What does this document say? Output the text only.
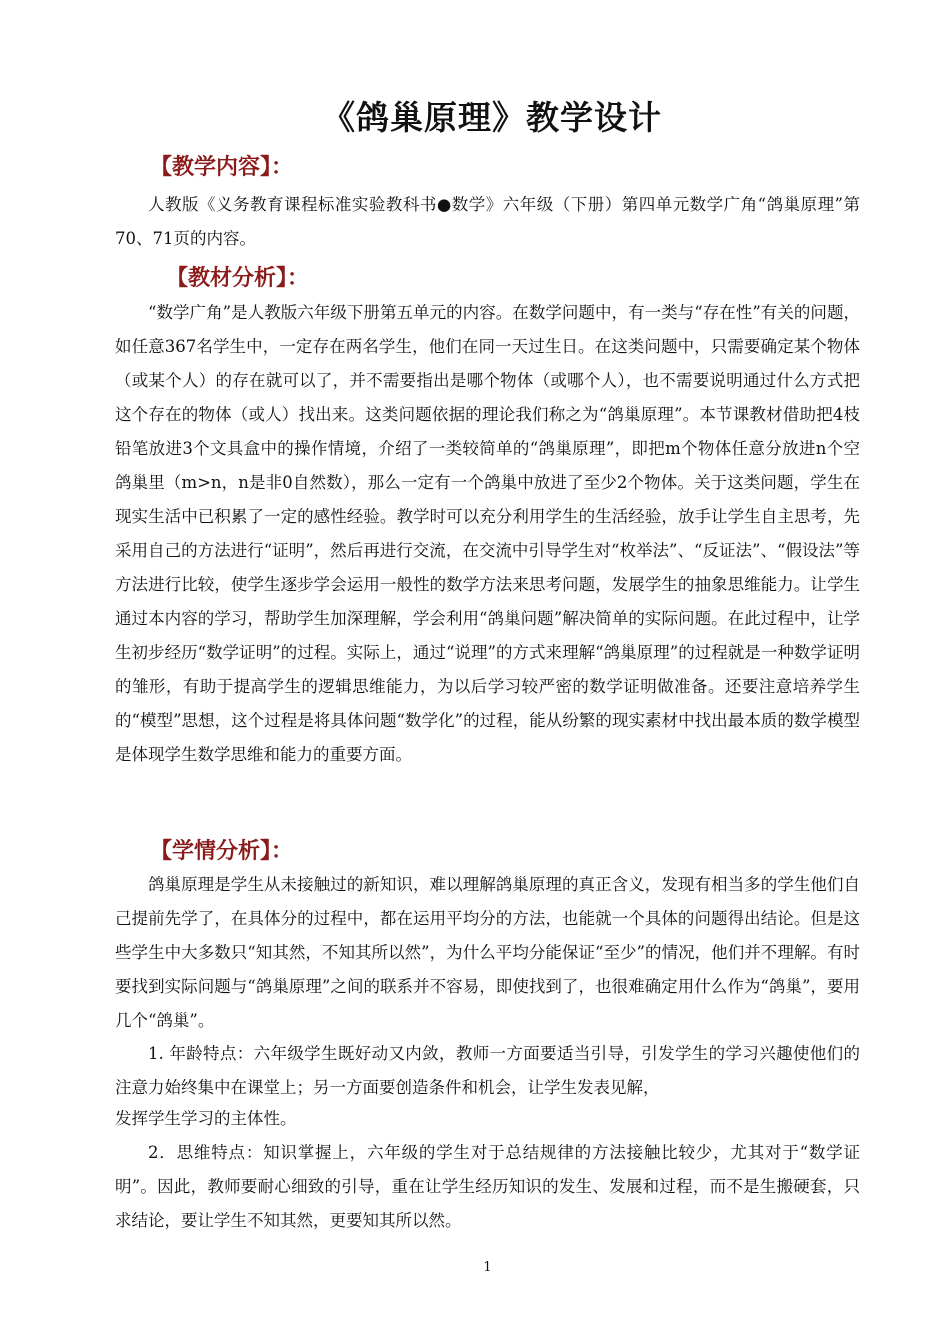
《鸽巢原理》教学设计
【教学内容】：

人教版《义务教育课程标准实验教科书●数学》六年级（下册）第四单元数学广角“鸽巢原理”第70、71页的内容。

【教材分析】：

“数学广角”是人教版六年级下册第五单元的内容。在数学问题中，有一类与“存在性”有关的问题，如任意367名学生中，一定存在两名学生，他们在同一天过生日。在这类问题中，只需要确定某个物体（或某个人）的存在就可以了，并不需要指出是哪个物体（或哪个人），也不需要说明通过什么方式把这个存在的物体（或人）找出来。这类问题依据的理论我们称之为“鸽巢原理”。本节课教材借助把4枝铅笔放进3个文具盒中的操作情境，介绍了一类较简单的“鸽巢原理”，即把m个物体任意分放进n个空鸽巢里（m>n，n是非0自然数），那么一定有一个鸽巢中放进了至少2个物体。关于这类问题，学生在现实生活中已积累了一定的感性经验。教学时可以充分利用学生的生活经验，放手让学生自主思考，先采用自己的方法进行“证明”，然后再进行交流，在交流中引导学生对“枚举法”、“反证法”、“假设法”等方法进行比较，使学生逐步学会运用一般性的数学方法来思考问题，发展学生的抽象思维能力。让学生通过本内容的学习，帮助学生加深理解，学会利用“鸽巢问题”解决简单的实际问题。在此过程中，让学生初步经历“数学证明”的过程。实际上，通过“说理”的方式来理解“鸽巢原理”的过程就是一种数学证明的雏形，有助于提高学生的逻辑思维能力，为以后学习较严密的数学证明做准备。还要注意培养学生的“模型”思想，这个过程是将具体问题“数学化”的过程，能从纷繁的现实素材中找出最本质的数学模型是体现学生数学思维和能力的重要方面。

【学情分析】：

鸽巢原理是学生从未接触过的新知识，难以理解鸽巢原理的真正含义，发现有相当多的学生他们自己提前先学了，在具体分的过程中，都在运用平均分的方法，也能就一个具体的问题得出结论。但是这些学生中大多数只“知其然，不知其所以然”，为什么平均分能保证“至少”的情况，他们并不理解。有时要找到实际问题与“鸽巢原理”之间的联系并不容易，即使找到了，也很难确定用什么作为“鸽巢”，要用几个“鸽巢”。

1. 年龄特点：六年级学生既好动又内敛，教师一方面要适当引导，引发学生的学习兴趣使他们的注意力始终集中在课堂上；另一方面要创造条件和机会，让学生发表见解，

发挥学生学习的主体性。

2．思维特点：知识掌握上，六年级的学生对于总结规律的方法接触比较少，尤其对于“数学证明”。因此，教师要耐心细致的引导，重在让学生经历知识的发生、发展和过程，而不是生搬硬套，只求结论，要让学生不知其然，更要知其所以然。

1
